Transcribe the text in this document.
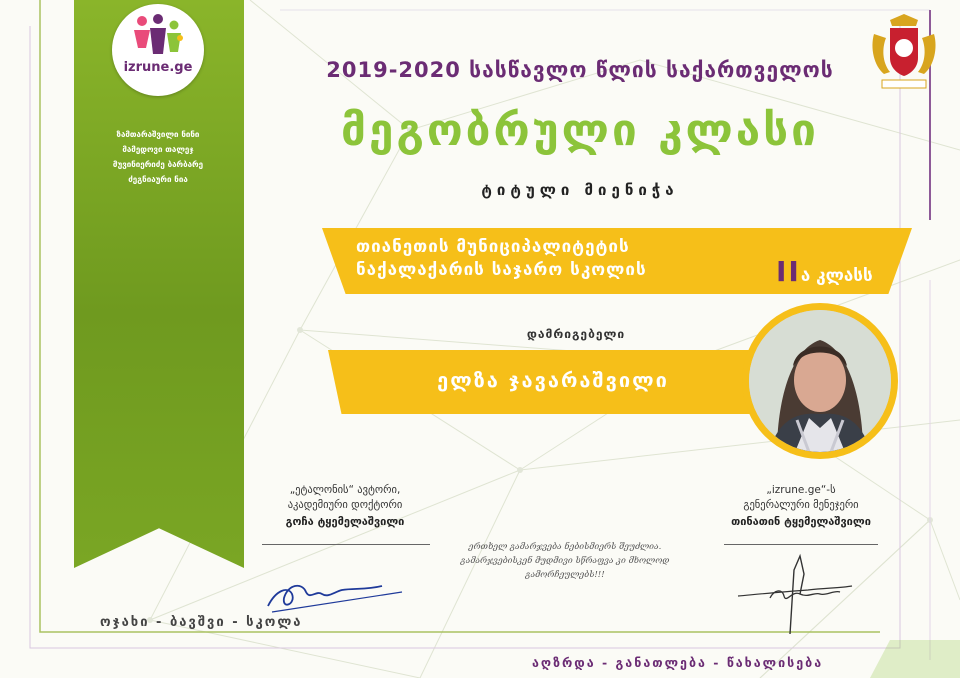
izrune.ge
ზამთარაშვილი ნინი
მამედოვი თალეჯ
მუვინიერიძე ბარბარე
ძეგნიაური ნია
2019-2020 სასწავლო წლის საქართველოს
მეგობრული კლასი
ტიტული მიენიჭა
თიანეთის მუნიციპალიტეტის
ნაქალაქარის საჯარო სკოლის	IIა კლასს
დამრიგებელი
ელზა ჯავარაშვილი
„ეტალონის“ ავტორი,
აკადემიური დოქტორი
გოჩა ტყემელაშვილი
„izrune.ge“-ს
გენერალური მენეჯერი
თინათინ ტყემელაშვილი
ერთხელ გამარჯვება ნებისმიერს შეუძლია.
გამარჯვებისკენ მუდმივი სწრაფვა კი მხოლოდ გამორჩეულებს!!!
ოჯახი - ბავშვი - სკოლა
აღზრდა - განათლება - წახალისება
